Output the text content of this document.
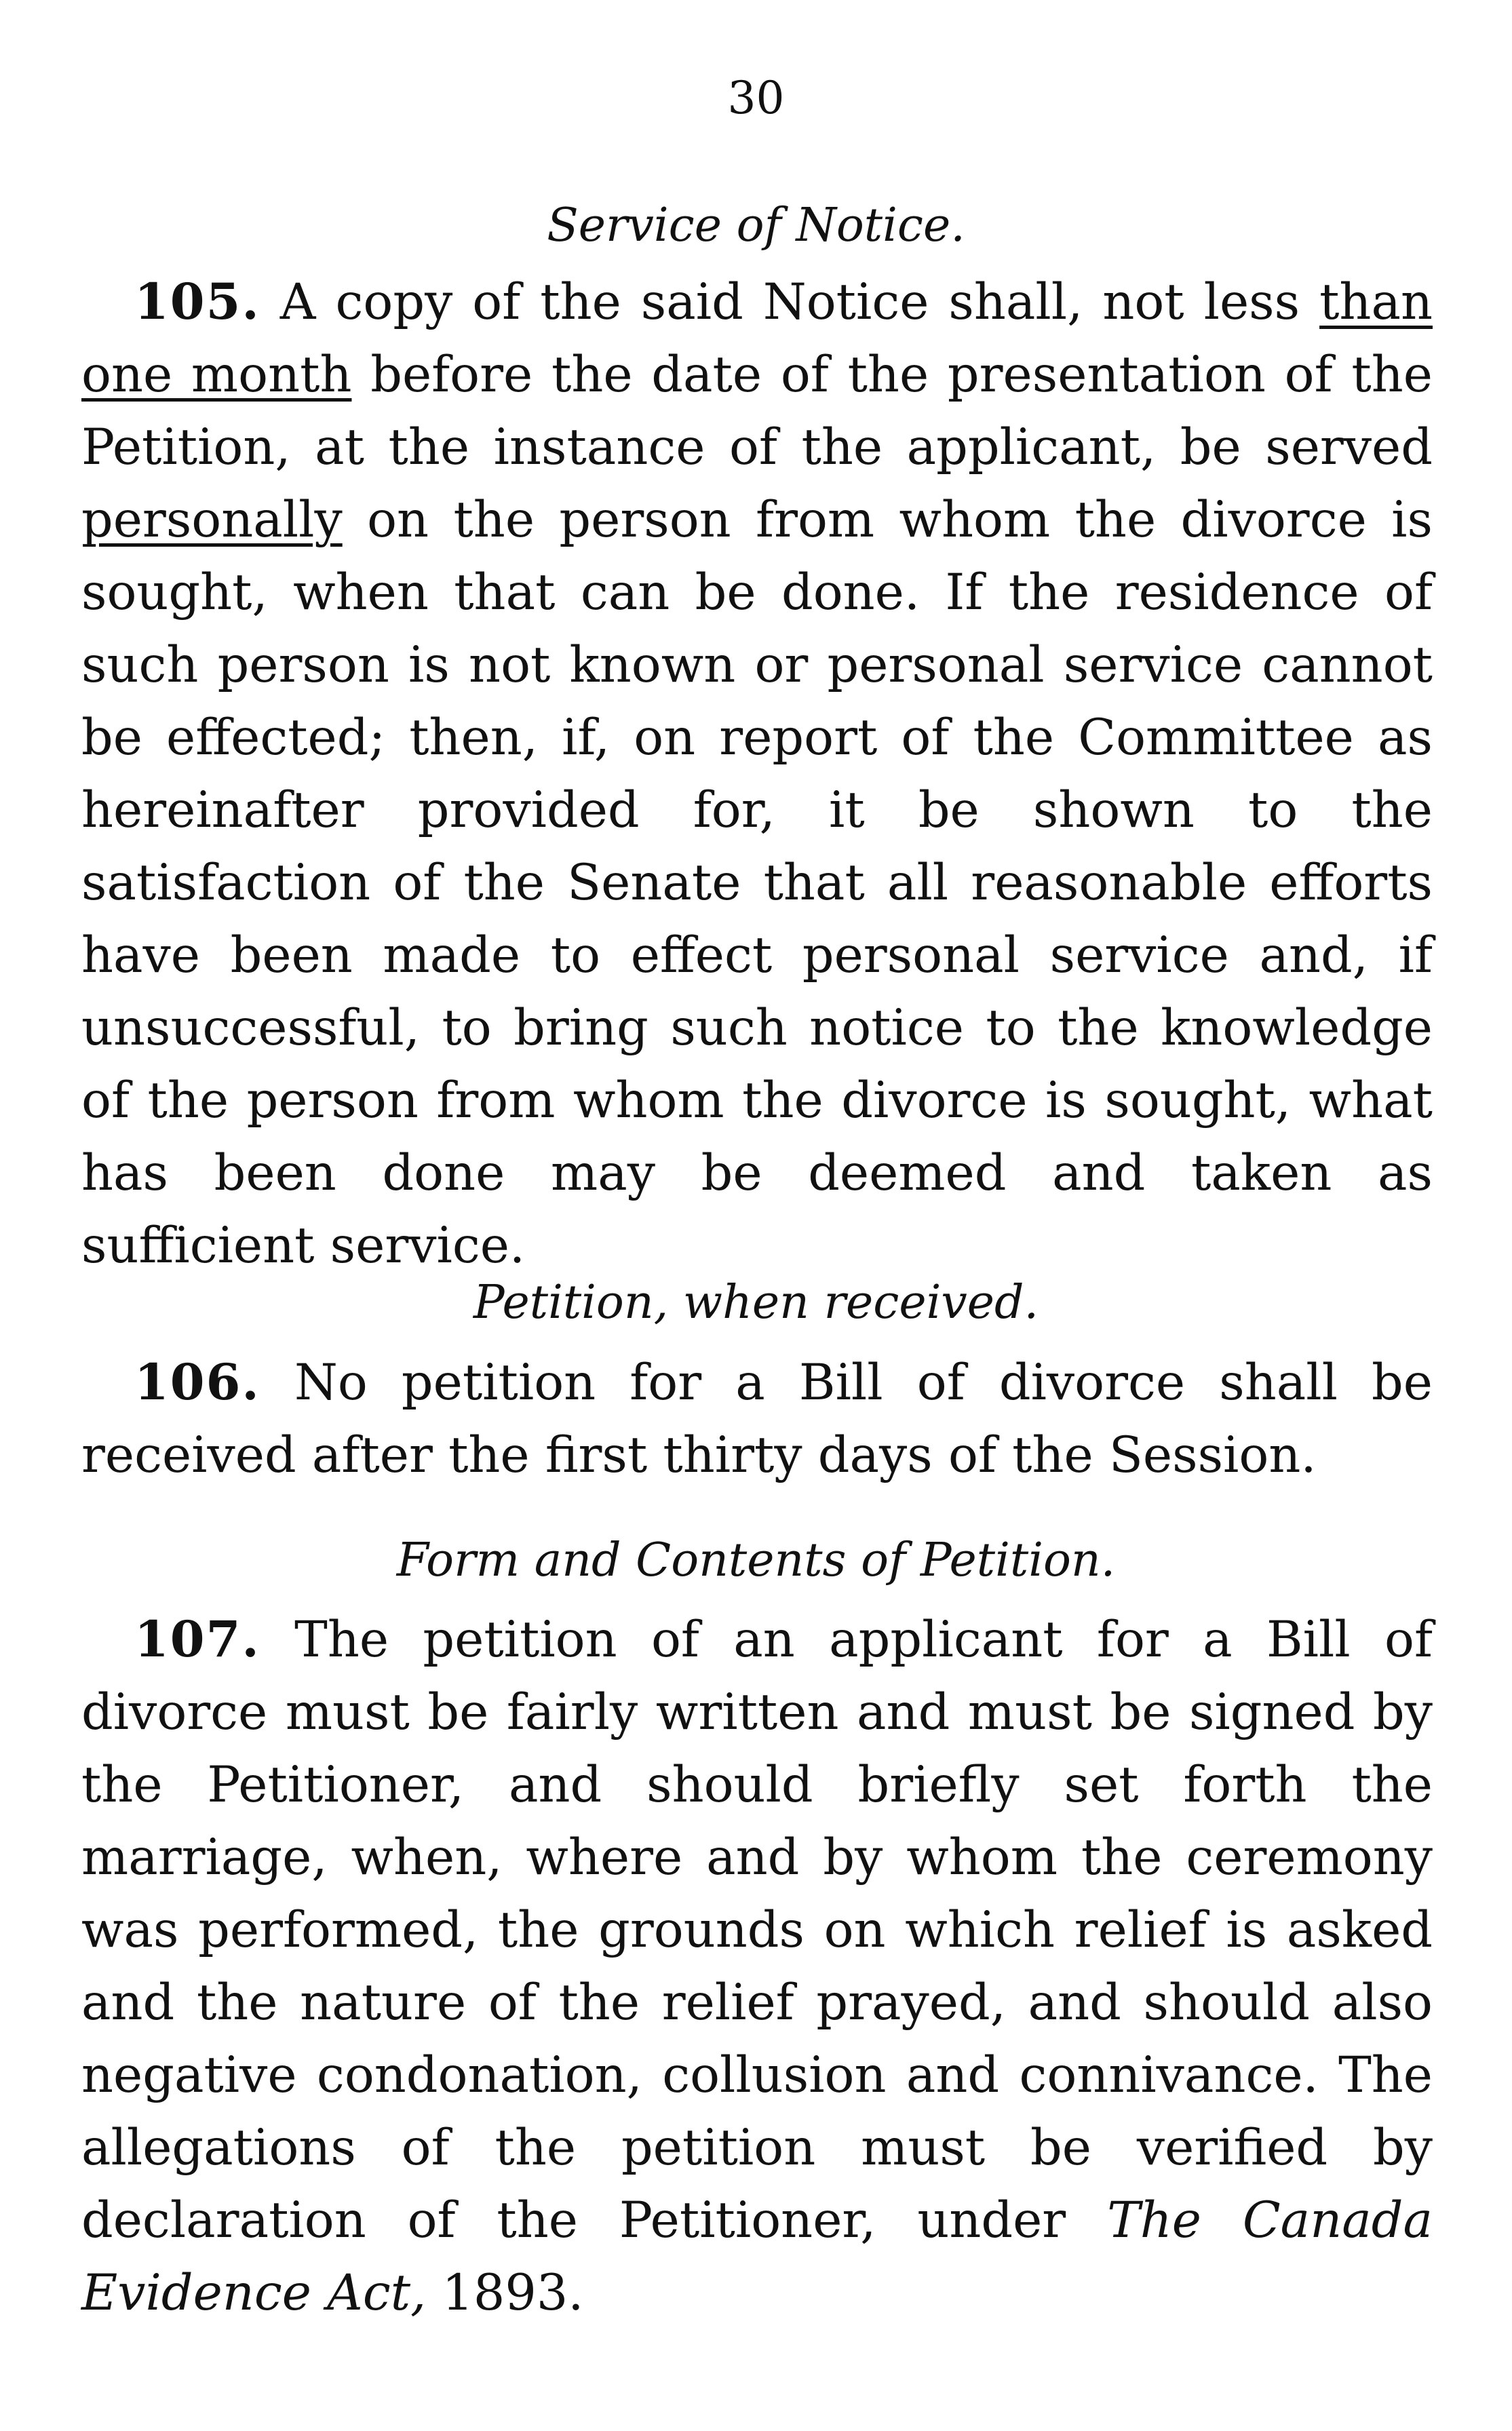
30
Service of Notice.

105. A copy of the said Notice shall, not less than one month before the date of the presentation of the Petition, at the instance of the applicant, be served personally on the person from whom the divorce is sought, when that can be done. If the residence of such person is not known or personal service cannot be effected; then, if, on report of the Committee as hereinafter provided for, it be shown to the satisfaction of the Senate that all reasonable efforts have been made to effect personal service and, if unsuccessful, to bring such notice to the knowledge of the person from whom the divorce is sought, what has been done may be deemed and taken as sufficient service.

Petition, when received.

106. No petition for a Bill of divorce shall be received after the first thirty days of the Session.

Form and Contents of Petition.

107. The petition of an applicant for a Bill of divorce must be fairly written and must be signed by the Petitioner, and should briefly set forth the marriage, when, where and by whom the ceremony was performed, the grounds on which relief is asked and the nature of the relief prayed, and should also negative condonation, collusion and connivance. The allegations of the petition must be verified by declaration of the Petitioner, under The Canada Evidence Act, 1893.
